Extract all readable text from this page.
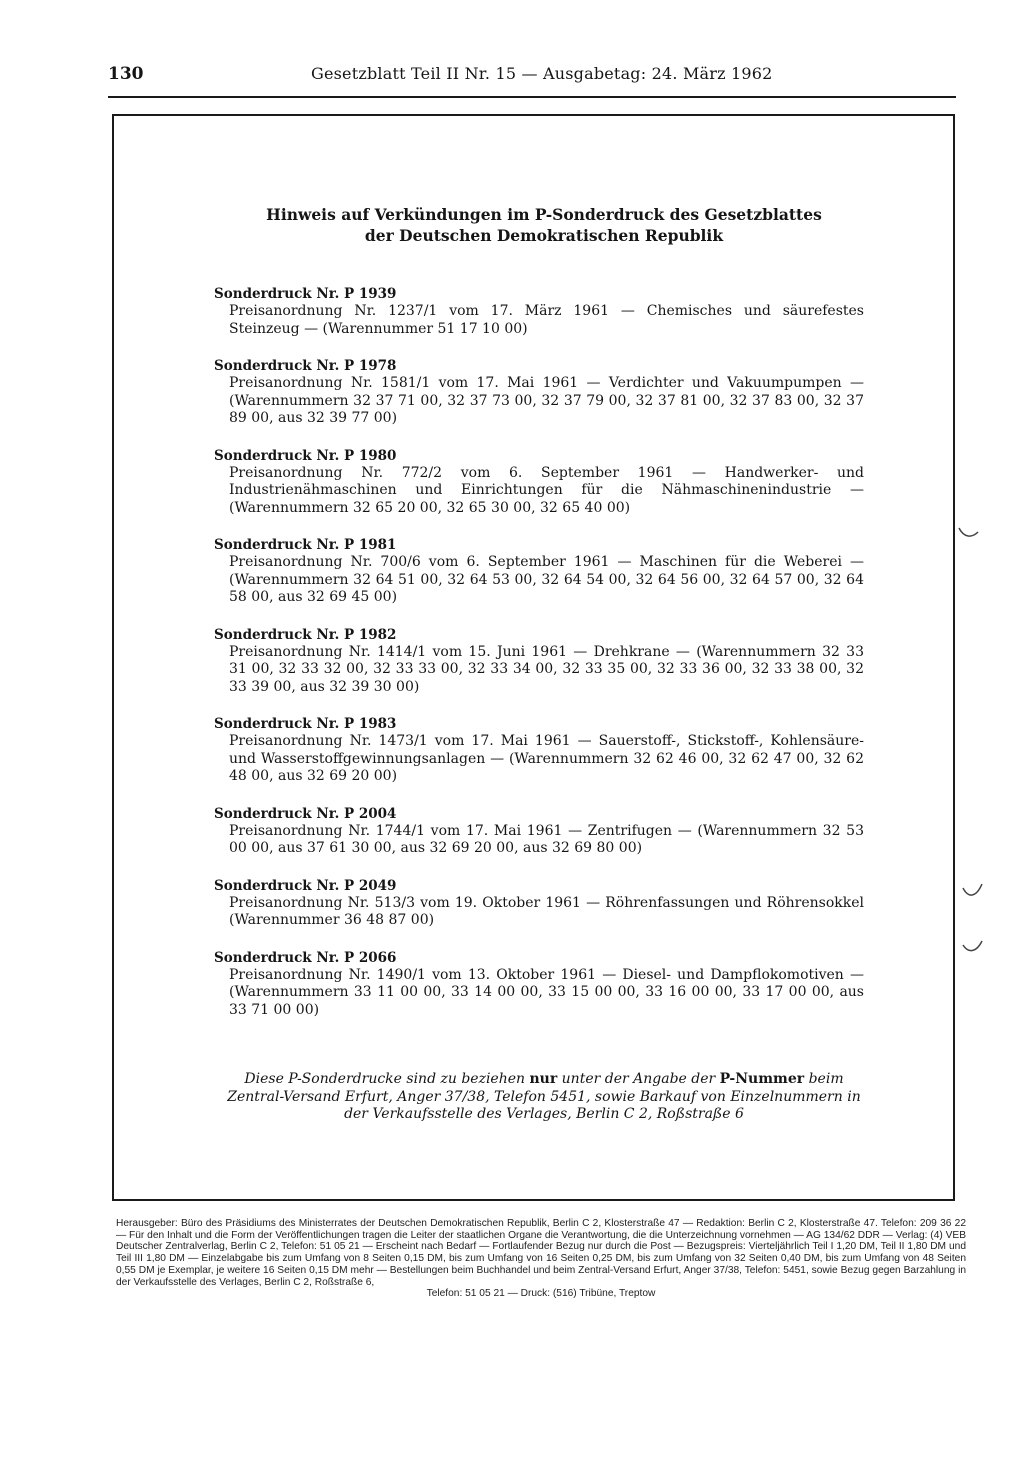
130	Gesetzblatt Teil II Nr. 15 — Ausgabetag: 24. März 1962
Hinweis auf Verkündungen im P-Sonderdruck des Gesetzblattes
der Deutschen Demokratischen Republik
Sonderdruck Nr. P 1939
Preisanordnung Nr. 1237/1 vom 17. März 1961 — Chemisches und säurefestes Steinzeug — (Warennummer 51 17 10 00)
Sonderdruck Nr. P 1978
Preisanordnung Nr. 1581/1 vom 17. Mai 1961 — Verdichter und Vakuumpumpen — (Warennummern 32 37 71 00, 32 37 73 00, 32 37 79 00, 32 37 81 00, 32 37 83 00, 32 37 89 00, aus 32 39 77 00)
Sonderdruck Nr. P 1980
Preisanordnung Nr. 772/2 vom 6. September 1961 — Handwerker- und Industrienähmaschinen und Einrichtungen für die Nähmaschinenindustrie — (Warennummern 32 65 20 00, 32 65 30 00, 32 65 40 00)
Sonderdruck Nr. P 1981
Preisanordnung Nr. 700/6 vom 6. September 1961 — Maschinen für die Weberei — (Warennummern 32 64 51 00, 32 64 53 00, 32 64 54 00, 32 64 56 00, 32 64 57 00, 32 64 58 00, aus 32 69 45 00)
Sonderdruck Nr. P 1982
Preisanordnung Nr. 1414/1 vom 15. Juni 1961 — Drehkrane — (Warennummern 32 33 31 00, 32 33 32 00, 32 33 33 00, 32 33 34 00, 32 33 35 00, 32 33 36 00, 32 33 38 00, 32 33 39 00, aus 32 39 30 00)
Sonderdruck Nr. P 1983
Preisanordnung Nr. 1473/1 vom 17. Mai 1961 — Sauerstoff-, Stickstoff-, Kohlensäure- und Wasserstoffgewinnungsanlagen — (Warennummern 32 62 46 00, 32 62 47 00, 32 62 48 00, aus 32 69 20 00)
Sonderdruck Nr. P 2004
Preisanordnung Nr. 1744/1 vom 17. Mai 1961 — Zentrifugen — (Warennummern 32 53 00 00, aus 37 61 30 00, aus 32 69 20 00, aus 32 69 80 00)
Sonderdruck Nr. P 2049
Preisanordnung Nr. 513/3 vom 19. Oktober 1961 — Röhrenfassungen und Röhrensokkel (Warennummer 36 48 87 00)
Sonderdruck Nr. P 2066
Preisanordnung Nr. 1490/1 vom 13. Oktober 1961 — Diesel- und Dampflokomotiven — (Warennummern 33 11 00 00, 33 14 00 00, 33 15 00 00, 33 16 00 00, 33 17 00 00, aus 33 71 00 00)
Diese P-Sonderdrucke sind zu beziehen nur unter der Angabe der P-Nummer beim Zentral-Versand Erfurt, Anger 37/38, Telefon 5451, sowie Barkauf von Einzelnummern in der Verkaufsstelle des Verlages, Berlin C 2, Roßstraße 6
Herausgeber: Büro des Präsidiums des Ministerrates der Deutschen Demokratischen Republik, Berlin C 2, Klosterstraße 47 — Redaktion: Berlin C 2, Klosterstraße 47. Telefon: 209 36 22 — Für den Inhalt und die Form der Veröffentlichungen tragen die Leiter der staatlichen Organe die Verantwortung, die die Unterzeichnung vornehmen — AG 134/62 DDR — Verlag: (4) VEB Deutscher Zentralverlag, Berlin C 2, Telefon: 51 05 21 — Erscheint nach Bedarf — Fortlaufender Bezug nur durch die Post — Bezugspreis: Vierteljährlich Teil I 1,20 DM, Teil II 1,80 DM und Teil III 1,80 DM — Einzelabgabe bis zum Umfang von 8 Seiten 0,15 DM, bis zum Umfang von 16 Seiten 0,25 DM, bis zum Umfang von 32 Seiten 0,40 DM, bis zum Umfang von 48 Seiten 0,55 DM je Exemplar, je weitere 16 Seiten 0,15 DM mehr — Bestellungen beim Buchhandel und beim Zentral-Versand Erfurt, Anger 37/38, Telefon: 5451, sowie Bezug gegen Barzahlung in der Verkaufsstelle des Verlages, Berlin C 2, Roßstraße 6,
Telefon: 51 05 21 — Druck: (516) Tribüne, Treptow
